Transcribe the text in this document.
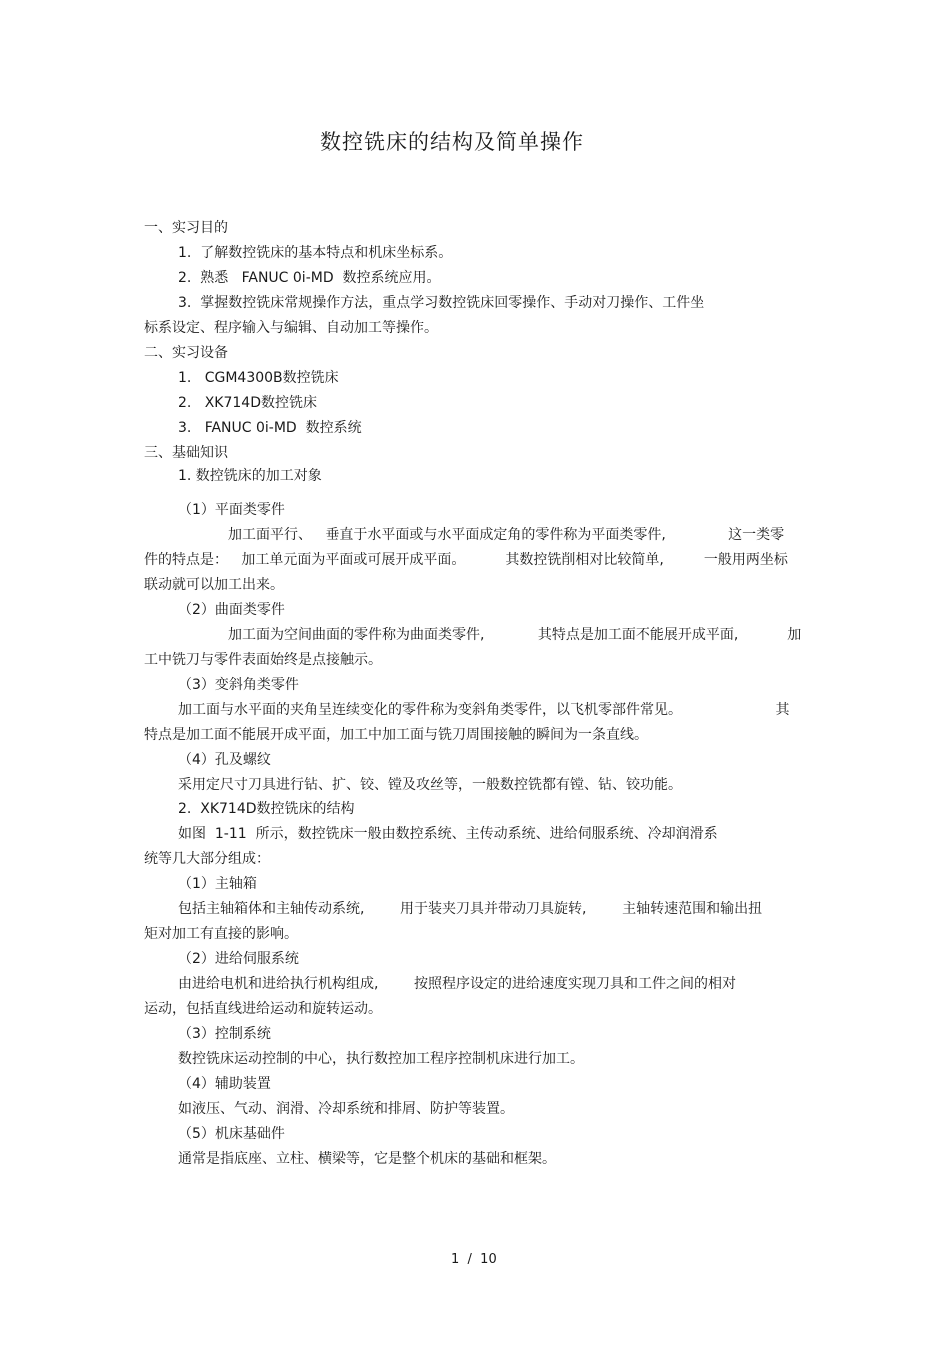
数控铣床的结构及简单操作
一、实习目的
1.  了解数控铣床的基本特点和机床坐标系。
2.  熟悉   FANUC 0i-MD  数控系统应用。
3.  掌握数控铣床常规操作方法，重点学习数控铣床回零操作、手动对刀操作、工件坐
标系设定、程序输入与编辑、自动加工等操作。
二、实习设备
1.   CGM4300B数控铣床
2.   XK714D数控铣床
3.   FANUC 0i-MD  数控系统
三、基础知识
1. 数控铣床的加工对象
（1）平面类零件
加工面平行、   垂直于水平面或与水平面成定角的零件称为平面类零件,              这一类零
件的特点是：   加工单元面为平面或可展开成平面。         其数控铣削相对比较简单,         一般用两坐标
联动就可以加工出来。
（2）曲面类零件
加工面为空间曲面的零件称为曲面类零件,            其特点是加工面不能展开成平面,           加
工中铣刀与零件表面始终是点接触示。
（3）变斜角类零件
加工面与水平面的夹角呈连续变化的零件称为变斜角类零件，以飞机零部件常见。                     其
特点是加工面不能展开成平面，加工中加工面与铣刀周围接触的瞬间为一条直线。
（4）孔及螺纹
采用定尺寸刀具进行钻、扩、铰、镗及攻丝等，一般数控铣都有镗、钻、铰功能。
2.  XK714D数控铣床的结构
如图  1-11  所示，数控铣床一般由数控系统、主传动系统、进给伺服系统、冷却润滑系
统等几大部分组成：
（1）主轴箱
包括主轴箱体和主轴传动系统,        用于装夹刀具并带动刀具旋转,        主轴转速范围和输出扭
矩对加工有直接的影响。
（2）进给伺服系统
由进给电机和进给执行机构组成,        按照程序设定的进给速度实现刀具和工件之间的相对
运动，包括直线进给运动和旋转运动。
（3）控制系统
数控铣床运动控制的中心，执行数控加工程序控制机床进行加工。
（4）辅助装置
如液压、气动、润滑、冷却系统和排屑、防护等装置。
（5）机床基础件
通常是指底座、立柱、横梁等，它是整个机床的基础和框架。
1  /  10
